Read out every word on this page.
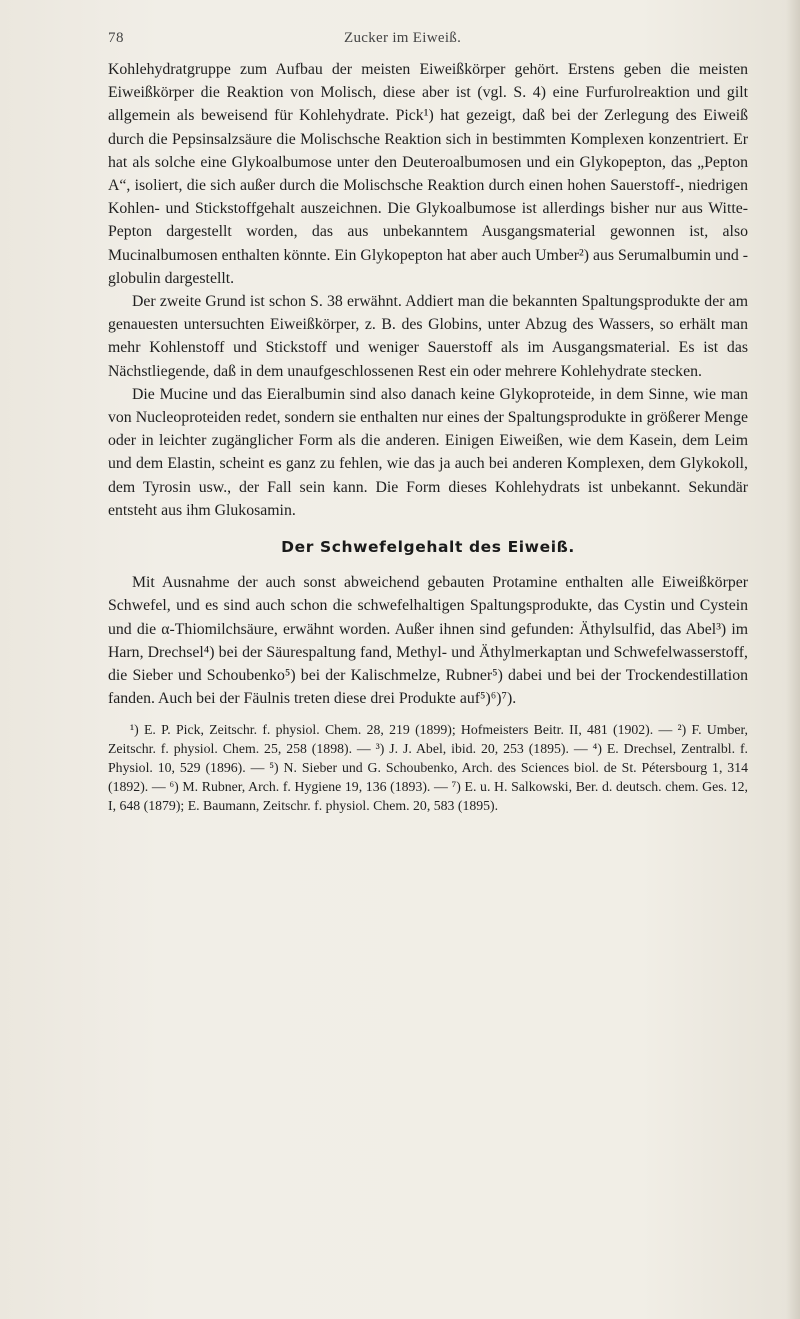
78	Zucker im Eiweiß.

Kohlehydratgruppe zum Aufbau der meisten Eiweißkörper gehört. Erstens geben die meisten Eiweißkörper die Reaktion von Molisch, diese aber ist (vgl. S. 4) eine Furfurolreaktion und gilt allgemein als beweisend für Kohlehydrate. Pick¹) hat gezeigt, daß bei der Zerlegung des Eiweiß durch die Pepsinsalzsäure die Molischsche Reaktion sich in bestimmten Komplexen konzentriert. Er hat als solche eine Glykoalbumose unter den Deuteroalbumosen und ein Glykopepton, das „Pepton A“, isoliert, die sich außer durch die Molischsche Reaktion durch einen hohen Sauerstoff-, niedrigen Kohlen- und Stickstoffgehalt auszeichnen. Die Glykoalbumose ist allerdings bisher nur aus Witte-Pepton dargestellt worden, das aus unbekanntem Ausgangsmaterial gewonnen ist, also Mucinalbumosen enthalten könnte. Ein Glykopepton hat aber auch Umber²) aus Serumalbumin und -globulin dargestellt.

Der zweite Grund ist schon S. 38 erwähnt. Addiert man die bekannten Spaltungsprodukte der am genauesten untersuchten Eiweißkörper, z. B. des Globins, unter Abzug des Wassers, so erhält man mehr Kohlenstoff und Stickstoff und weniger Sauerstoff als im Ausgangsmaterial. Es ist das Nächstliegende, daß in dem unaufgeschlossenen Rest ein oder mehrere Kohlehydrate stecken.

Die Mucine und das Eieralbumin sind also danach keine Glykoproteide, in dem Sinne, wie man von Nucleoproteiden redet, sondern sie enthalten nur eines der Spaltungsprodukte in größerer Menge oder in leichter zugänglicher Form als die anderen. Einigen Eiweißen, wie dem Kasein, dem Leim und dem Elastin, scheint es ganz zu fehlen, wie das ja auch bei anderen Komplexen, dem Glykokoll, dem Tyrosin usw., der Fall sein kann. Die Form dieses Kohlehydrats ist unbekannt. Sekundär entsteht aus ihm Glukosamin.

Der Schwefelgehalt des Eiweiß.

Mit Ausnahme der auch sonst abweichend gebauten Protamine enthalten alle Eiweißkörper Schwefel, und es sind auch schon die schwefelhaltigen Spaltungsprodukte, das Cystin und Cystein und die α-Thiomilchsäure, erwähnt worden. Außer ihnen sind gefunden: Äthylsulfid, das Abel³) im Harn, Drechsel⁴) bei der Säurespaltung fand, Methyl- und Äthylmerkaptan und Schwefelwasserstoff, die Sieber und Schoubenko⁵) bei der Kalischmelze, Rubner⁵) dabei und bei der Trockendestillation fanden. Auch bei der Fäulnis treten diese drei Produkte auf⁵)⁶)⁷).

¹) E. P. Pick, Zeitschr. f. physiol. Chem. 28, 219 (1899); Hofmeisters Beitr. II, 481 (1902). — ²) F. Umber, Zeitschr. f. physiol. Chem. 25, 258 (1898). — ³) J. J. Abel, ibid. 20, 253 (1895). — ⁴) E. Drechsel, Zentralbl. f. Physiol. 10, 529 (1896). — ⁵) N. Sieber und G. Schoubenko, Arch. des Sciences biol. de St. Pétersbourg 1, 314 (1892). — ⁶) M. Rubner, Arch. f. Hygiene 19, 136 (1893). — ⁷) E. u. H. Salkowski, Ber. d. deutsch. chem. Ges. 12, I, 648 (1879); E. Baumann, Zeitschr. f. physiol. Chem. 20, 583 (1895).
